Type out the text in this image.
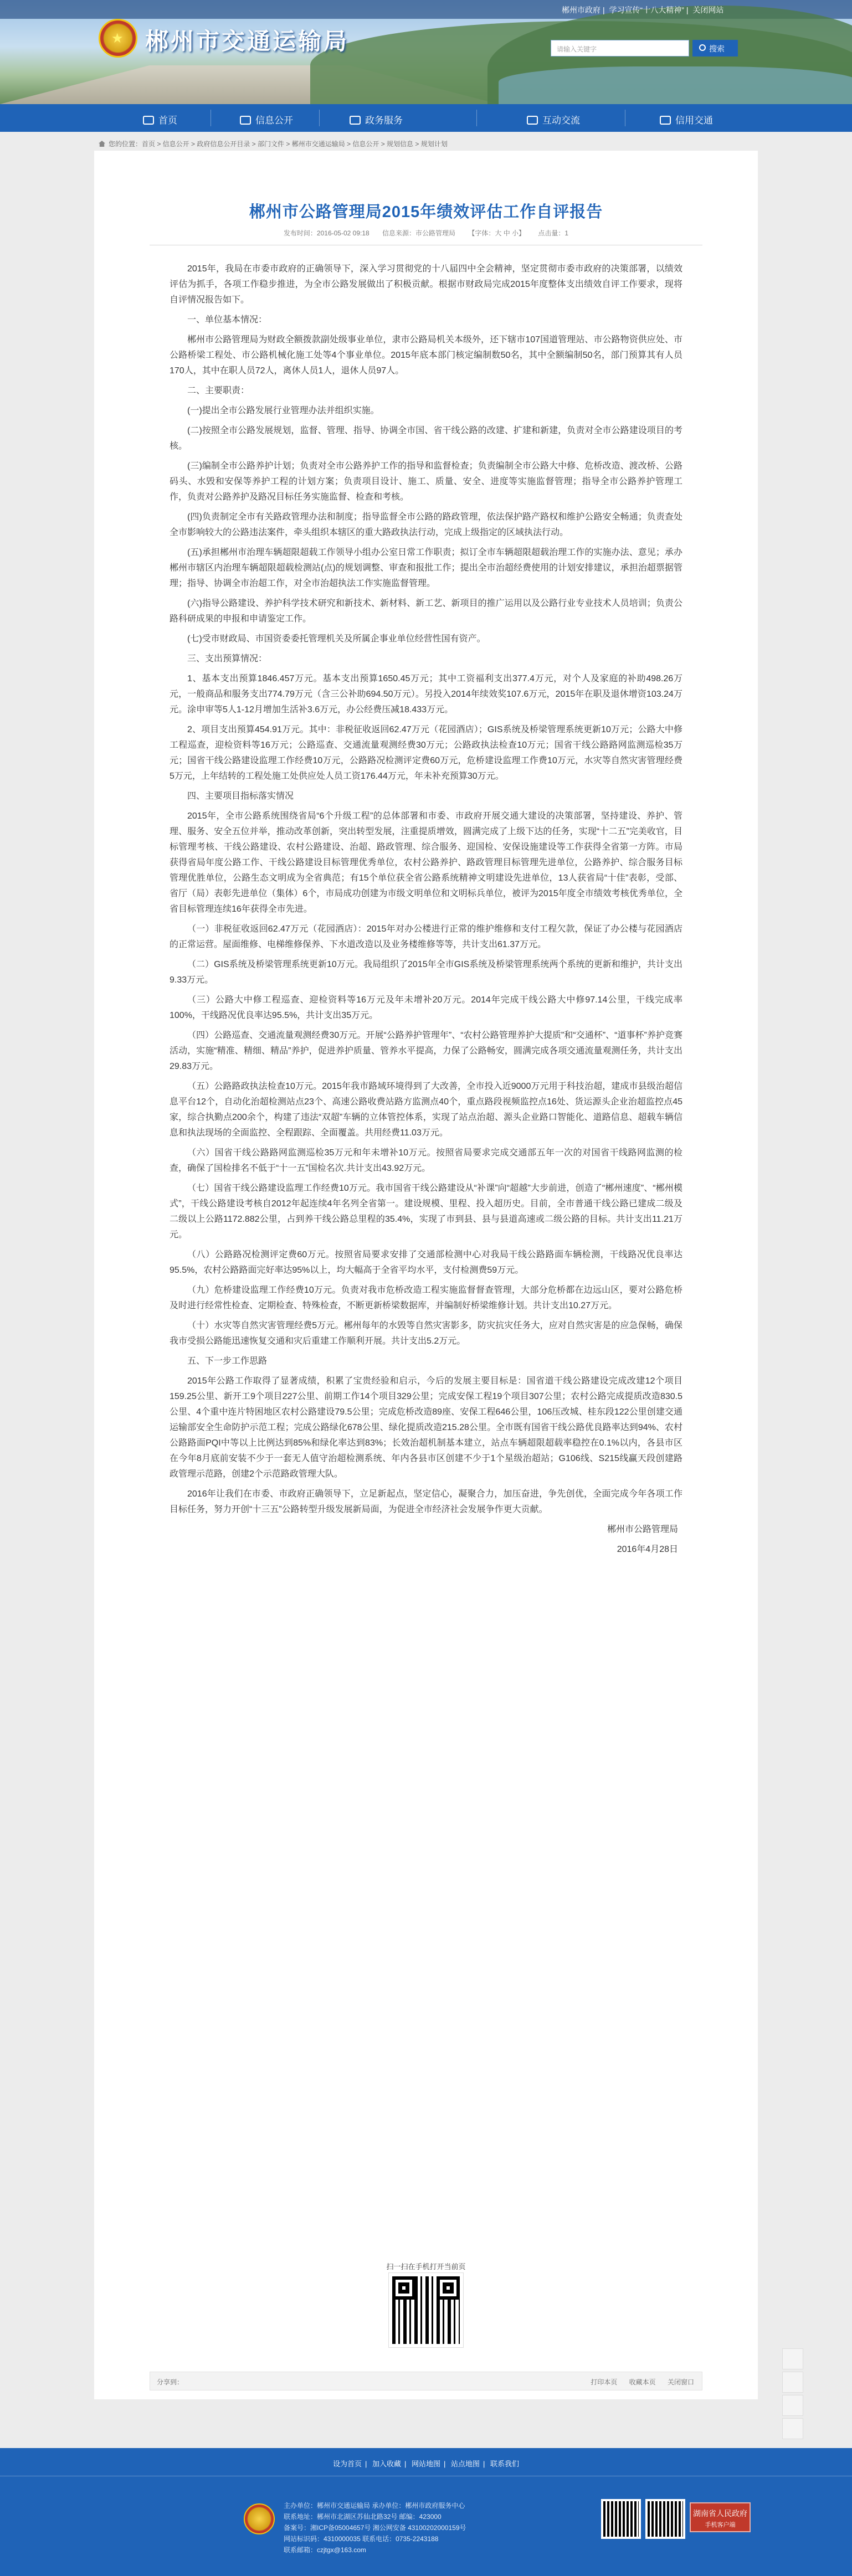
★ 郴州市交通运输局
郴州市政府 | 学习宣传“十八大精神” | 关闭网站
请输入关键字	搜索
首页	信息公开	政务服务	互动交流	信用交通
您的位置：首页 > 信息公开 > 政府信息公开目录 > 部门文件 > 郴州市交通运输局 > 信息公开 > 规划信息 > 规划计划
郴州市公路管理局2015年绩效评估工作自评报告
发布时间：2016-05-02 09:18 信息来源：市公路管理局 【字体：大 中 小】 点击量：1

2015年，我局在市委市政府的正确领导下，深入学习贯彻党的十八届四中全会精神，坚定贯彻市委市政府的决策部署，以绩效评估为抓手，各项工作稳步推进，为全市公路发展做出了积极贡献。根据市财政局完成2015年度整体支出绩效自评工作要求，现将自评情况报告如下。

一、单位基本情况：

郴州市公路管理局为财政全额拨款副处级事业单位，隶市公路局机关本级外，还下辖市107国道管理站、市公路物资供应处、市公路桥梁工程处、市公路机械化施工处等4个事业单位。2015年底本部门核定编制数50名，其中全额编制50名，部门预算其有人员170人，其中在职人员72人，离休人员1人，退休人员97人。

二、主要职责：

(一)提出全市公路发展行业管理办法并组织实施。

(二)按照全市公路发展规划，监督、管理、指导、协调全市国、省干线公路的改建、扩建和新建，负责对全市公路建设项目的考核。

(三)编制全市公路养护计划；负责对全市公路养护工作的指导和监督检查；负责编制全市公路大中修、危桥改造、渡改桥、公路码头、水毁和安保等养护工程的计划方案；负责项目设计、施工、质量、安全、进度等实施监督管理；指导全市公路养护管理工作，负责对公路养护及路况目标任务实施监督、检查和考核。

(四)负责制定全市有关路政管理办法和制度；指导监督全市公路的路政管理，依法保护路产路权和维护公路安全畅通；负责查处全市影响较大的公路违法案件，牵头组织本辖区的重大路政执法行动，完成上级指定的区域执法行动。

(五)承担郴州市治理车辆超限超载工作领导小组办公室日常工作职责；拟订全市车辆超限超载治理工作的实施办法、意见；承办郴州市辖区内治理车辆超限超载检测站(点)的规划调整、审查和报批工作；提出全市治超经费使用的计划安排建议，承担治超票据管理；指导、协调全市治超工作，对全市治超执法工作实施监督管理。

(六)指导公路建设、养护科学技术研究和新技术、新材料、新工艺、新项目的推广运用以及公路行业专业技术人员培训；负责公路科研成果的申报和申请鉴定工作。

(七)受市财政局、市国资委委托管理机关及所属企事业单位经营性国有资产。

三、支出预算情况：

1、基本支出预算1846.457万元。基本支出预算1650.45万元；其中工资福利支出377.4万元，对个人及家庭的补助498.26万元，一般商品和服务支出774.79万元（含三公补助694.50万元）。另投入2014年续效奖107.6万元，2015年在职及退休增资103.24万元。涂申审等5人1-12月增加生活补3.6万元，办公经费压减18.433万元。

2、项目支出预算454.91万元。其中：非税征收返回62.47万元（花园酒店）；GIS系统及桥梁管理系统更新10万元；公路大中修工程巡查，迎检资料等16万元；公路巡查、交通流量观测经费30万元；公路政执法检查10万元；国省干线公路路网监测巡检35万元；国省干线公路建设监理工作经费10万元，公路路况检测评定费60万元，危桥建设监理工作费10万元，水灾等自然灾害管理经费5万元，上年结转的工程处施工处供应处人员工资176.44万元，年未补充预算30万元。

四、主要项目指标落实情况

2015年，全市公路系统围绕省局“6个升级工程”的总体部署和市委、市政府开展交通大建设的决策部署，坚持建设、养护、管理、服务、安全五位并举，推动改革创新，突出转型发展，注重提质增效，圆满完成了上级下达的任务，实现“十二五”完美收官，目标管理考核、干线公路建设、农村公路建设、治超、路政管理、综合服务、迎国检、安保设施建设等工作获得全省第一方阵。市局获得省局年度公路工作、干线公路建设目标管理优秀单位，农村公路养护、路政管理目标管理先进单位，公路养护、综合服务目标管理优胜单位，公路生态文明成为全省典范；有15个单位获全省公路系统精神文明建设先进单位，13人获省局“十佳”表彰，受部、省厅（局）表彰先进单位（集体）6个，市局成功创建为市级文明单位和文明标兵单位，被评为2015年度全市绩效考核优秀单位，全省目标管理连续16年获得全市先进。

（一）非税征收返回62.47万元（花园酒店）：2015年对办公楼进行正常的维护维修和支付工程欠款，保证了办公楼与花园酒店的正常运营。屋面维修、电梯维修保养、下水道改造以及业务楼维修等等，共计支出61.37万元。

（二）GIS系统及桥梁管理系统更新10万元。我局组织了2015年全市GIS系统及桥梁管理系统两个系统的更新和维护，共计支出9.33万元。

（三）公路大中修工程巡查、迎检资料等16万元及年未增补20万元。2014年完成干线公路大中修97.14公里，干线完成率100%，干线路况优良率达95.5%，共计支出35万元。

（四）公路巡查、交通流量观测经费30万元。开展“公路养护管理年”、“农村公路管理养护大提质”和“交通杯”、“道事杯”养护竞赛活动，实施“精准、精细、精品”养护，促进养护质量、管养水平提高，力保了公路畅安，圆满完成各项交通流量观测任务，共计支出29.83万元。

（五）公路路政执法检查10万元。2015年我市路域环境得到了大改善，全市投入近9000万元用于科技治超，建成市县级治超信息平台12个，自动化治超检测站点23个、高速公路收费站路方监测点40个，重点路段视频监控点16处、货运源头企业治超监控点45家，综合执勤点200余个，构建了违法“双超”车辆的立体管控体系，实现了站点治超、源头企业路口智能化、道路信息、超载车辆信息和执法现场的全面监控、全程跟踪、全面覆盖。共用经费11.03万元。

（六）国省干线公路路网监测巡检35万元和年未增补10万元。按照省局要求完成交通部五年一次的对国省干线路网监测的检查，确保了国检排名不低于“十一五”国检名次.共计支出43.92万元。

（七）国省干线公路建设监理工作经费10万元。我市国省干线公路建设从“补课”向“超越”大步前进，创造了“郴州速度”、“郴州模式”，干线公路建设考核自2012年起连续4年名列全省第一。建设规模、里程、投入超历史。目前，全市普通干线公路已建成二级及二级以上公路1172.882公里，占到养干线公路总里程的35.4%，实现了市到县、县与县道高速或二级公路的目标。共计支出11.21万元。

（八）公路路况检测评定费60万元。按照省局要求安排了交通部检测中心对我局干线公路路面车辆检测，干线路况优良率达95.5%，农村公路路面完好率达95%以上，均大幅高于全省平均水平，支付检测费59万元。

（九）危桥建设监理工作经费10万元。负责对我市危桥改造工程实施监督督查管理，大部分危桥都在边远山区，要对公路危桥及时进行经常性检查、定期检查、特殊检查，不断更新桥梁数据库，并编制好桥梁维修计划。共计支出10.27万元。

（十）水灾等自然灾害管理经费5万元。郴州每年的水毁等自然灾害影多，防灾抗灾任务大，应对自然灾害是的应急保畅，确保我市受损公路能迅速恢复交通和灾后重建工作顺利开展。共计支出5.2万元。

五、下一步工作思路

2015年公路工作取得了显著成绩，积累了宝贵经验和启示，今后的发展主要目标是：国省道干线公路建设完成改建12个项目159.25公里、新开工9个项目227公里、前期工作14个项目329公里；完成安保工程19个项目307公里；农村公路完成提质改造830.5公里、4个重中连片特困地区农村公路建设79.5公里；完成危桥改造89座、安保工程646公里，106压改城、桂东段122公里创建交通运输部安全生命防护示范工程；完成公路绿化678公里、绿化提质改造215.28公里。全市既有国省干线公路优良路率达到94%、农村公路路面PQI中等以上比例达到85%和绿化率达到83%；长效治超机制基本建立，站点车辆超限超载率稳控在0.1%以内，各县市区在今年8月底前安装不少于一套无人值守治超检测系统、年内各县市区创建不少于1个星级治超站；G106线、S215线赢天段创建路政管理示范路，创建2个示范路政管理大队。

2016年让我们在市委、市政府正确领导下，立足新起点，坚定信心，凝聚合力，加压奋进，争先创优，全面完成今年各项工作目标任务，努力开创“十三五”公路转型升级发展新局面，为促进全市经济社会发展争作更大贡献。

郴州市公路管理局

2016年4月28日

扫一扫在手机打开当前页
分享到：	打印本页 收藏本页 关闭窗口
设为首页 | 加入收藏 | 网站地图 | 站点地图 | 联系我们
主办单位：郴州市交通运输局 承办单位：郴州市政府服务中心
联系地址：郴州市北湖区苏仙北路32号 邮编：423000
备案号：湘ICP备05004657号 湘公网安备 43100202000159号
网站标识码：4310000035 联系电话：0735-2243188
联系邮箱：czjtgx@163.com
湖南省人民政府
手机客户端
